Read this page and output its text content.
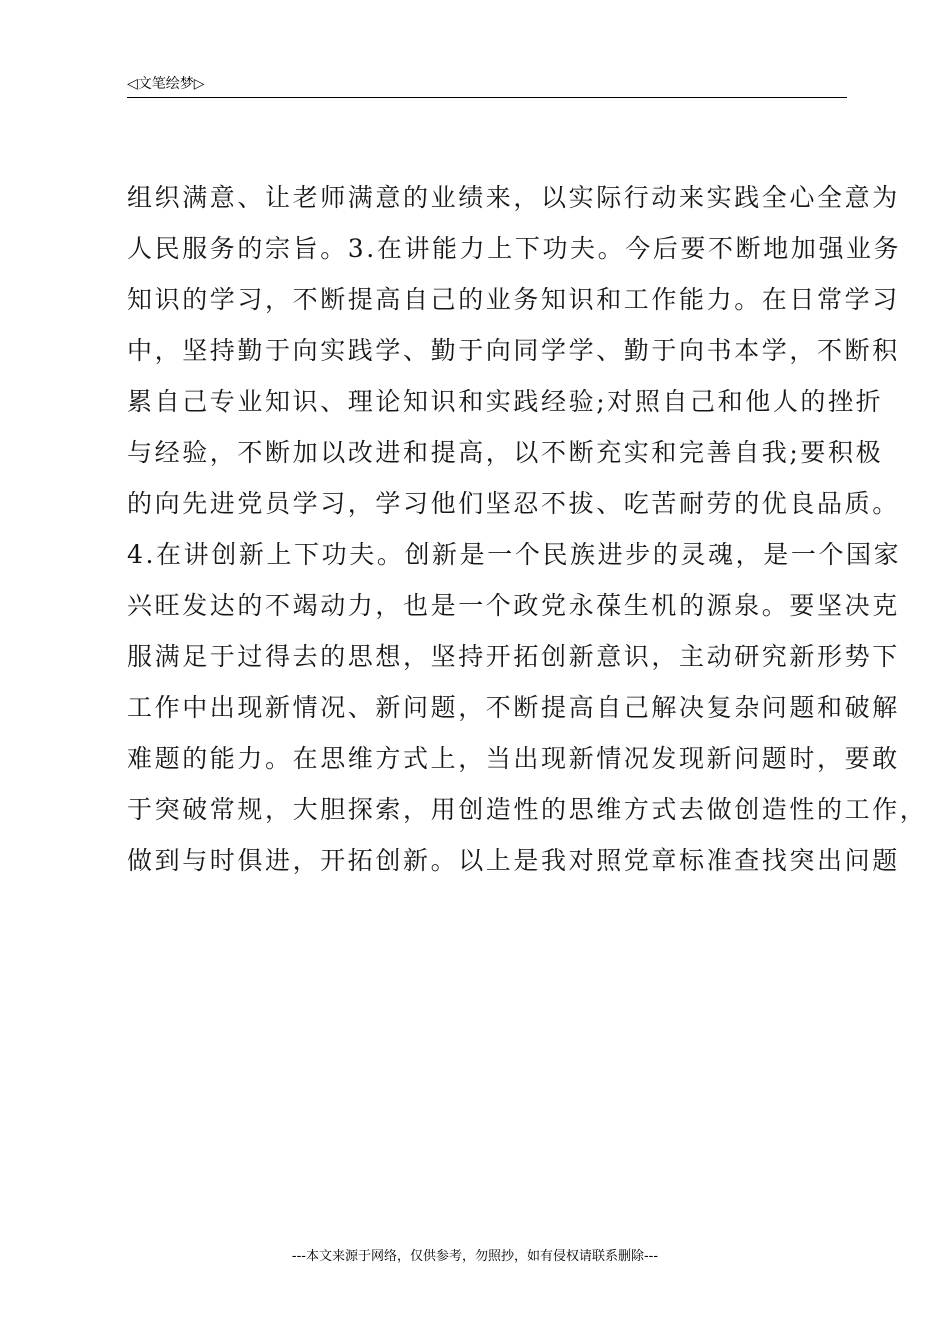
◁文笔绘梦▷
组织满意、让老师满意的业绩来，以实际行动来实践全心全意为
人民服务的宗旨。3.在讲能力上下功夫。今后要不断地加强业务
知识的学习，不断提高自己的业务知识和工作能力。在日常学习
中，坚持勤于向实践学、勤于向同学学、勤于向书本学，不断积
累自己专业知识、理论知识和实践经验;对照自己和他人的挫折
与经验，不断加以改进和提高，以不断充实和完善自我;要积极
的向先进党员学习，学习他们坚忍不拔、吃苦耐劳的优良品质。
4.在讲创新上下功夫。创新是一个民族进步的灵魂，是一个国家
兴旺发达的不竭动力，也是一个政党永葆生机的源泉。要坚决克
服满足于过得去的思想，坚持开拓创新意识，主动研究新形势下
工作中出现新情况、新问题，不断提高自己解决复杂问题和破解
难题的能力。在思维方式上，当出现新情况发现新问题时，要敢
于突破常规，大胆探索，用创造性的思维方式去做创造性的工作，
做到与时俱进，开拓创新。以上是我对照党章标准查找突出问题
---本文来源于网络，仅供参考，勿照抄，如有侵权请联系删除---
